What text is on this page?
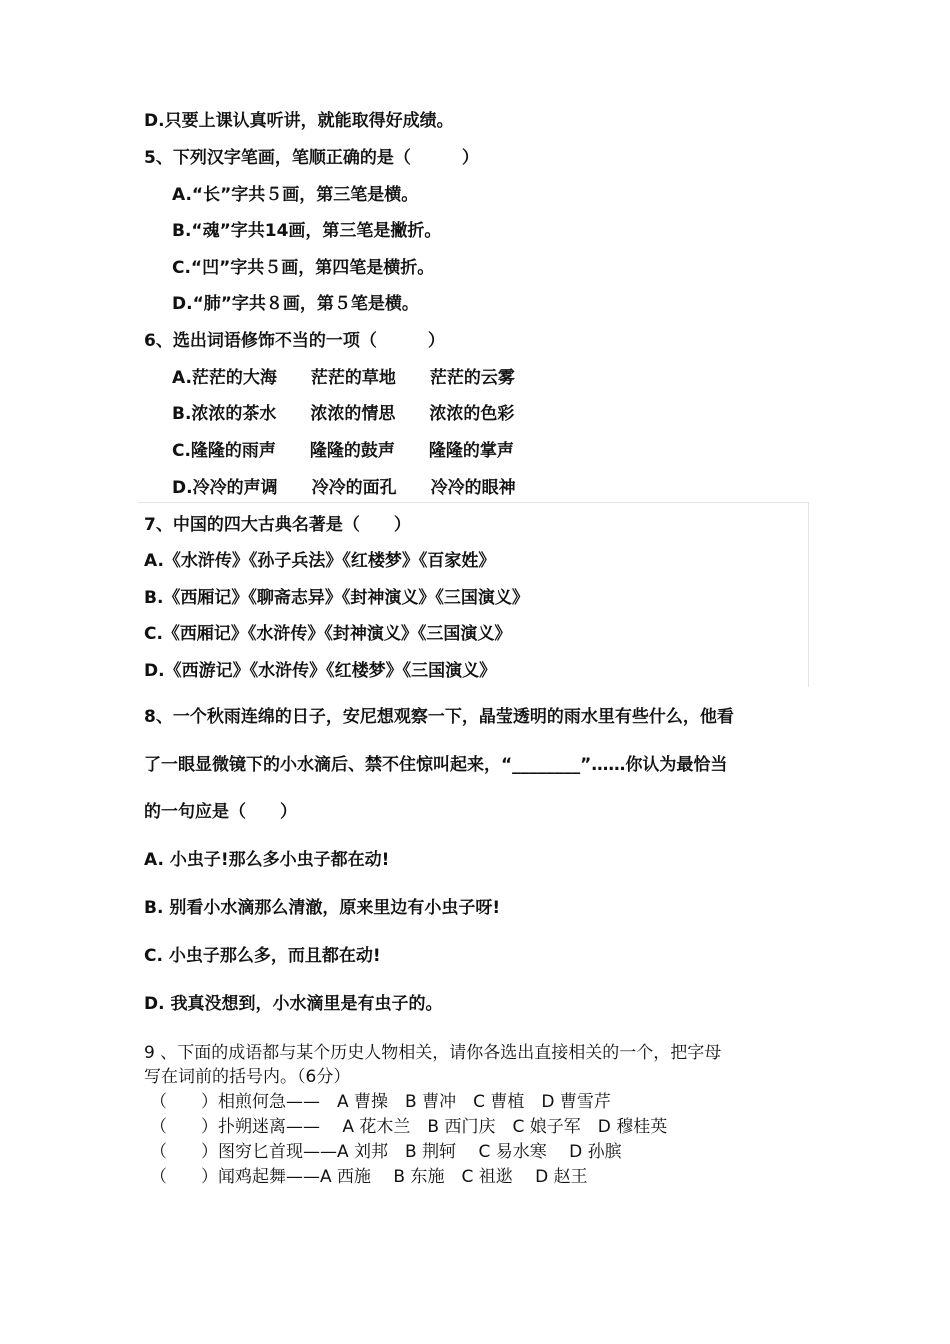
D.只要上课认真听讲，就能取得好成绩。
5、下列汉字笔画，笔顺正确的是（　　　）
A.“长”字共５画，第三笔是横。
B.“魂”字共14画，第三笔是撇折。
C.“凹”字共５画，第四笔是横折。
D.“肺”字共８画，第５笔是横。
6、选出词语修饰不当的一项（　　　）
A.茫茫的大海　　茫茫的草地　　茫茫的云雾
B.浓浓的茶水　　浓浓的情思　　浓浓的色彩
C.隆隆的雨声　　隆隆的鼓声　　隆隆的掌声
D.冷冷的声调　　冷冷的面孔　　冷冷的眼神
7、中国的四大古典名著是（　　）
A.《水浒传》《孙子兵法》《红楼梦》《百家姓》
B.《西厢记》《聊斋志异》《封神演义》《三国演义》
C.《西厢记》《水浒传》《封神演义》《三国演义》
D.《西游记》《水浒传》《红楼梦》《三国演义》
8、一个秋雨连绵的日子，安尼想观察一下，晶莹透明的雨水里有些什么，他看
了一眼显微镜下的小水滴后、禁不住惊叫起来，“________”……你认为最恰当
的一句应是（　　）
A. 小虫子!那么多小虫子都在动!
B. 别看小水滴那么清澈，原来里边有小虫子呀!
C. 小虫子那么多，而且都在动!
D. 我真没想到，小水滴里是有虫子的。
9 、下面的成语都与某个历史人物相关，请你各选出直接相关的一个，把字母
写在词前的括号内。（6分）
（　　）相煎何急——　A 曹操　B 曹冲　C 曹植　D 曹雪芹
（　　）扑朔迷离——　 A 花木兰　B 西门庆　C 娘子军　D 穆桂英
（　　）图穷匕首现——A 刘邦　B 荆轲　 C 易水寒　 D 孙膑
（　　）闻鸡起舞——A 西施　 B 东施　C 祖逖　 D 赵王
